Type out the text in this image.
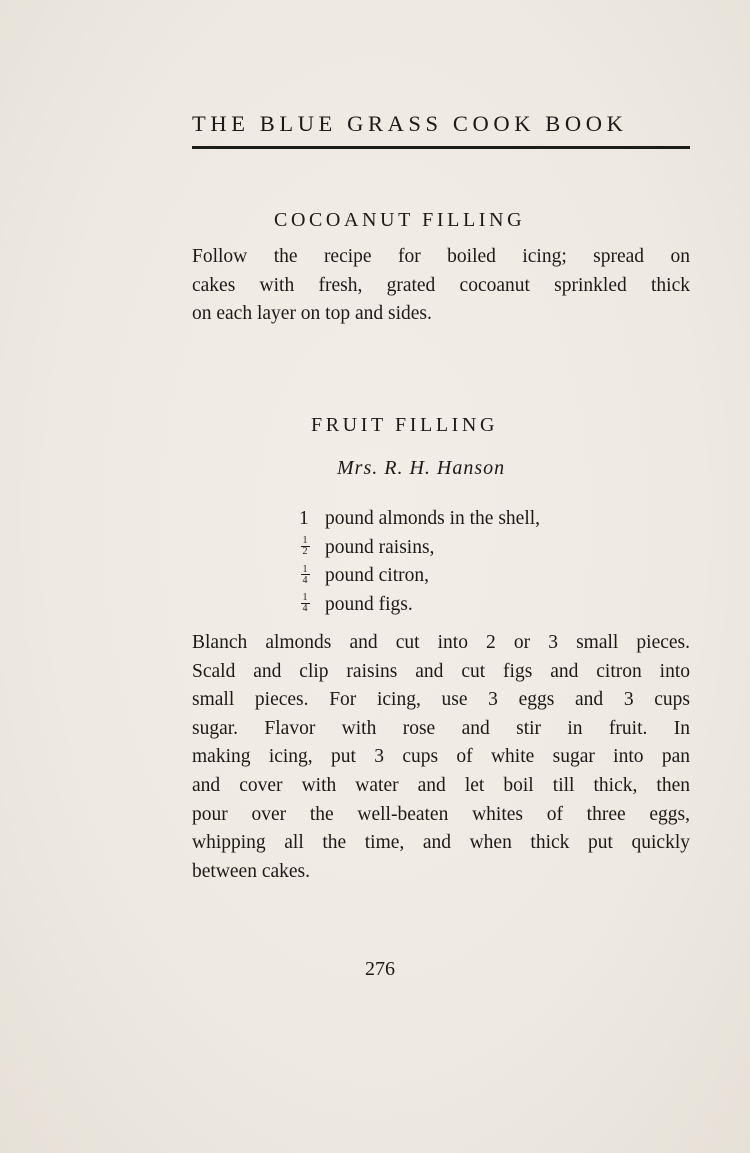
THE BLUE GRASS COOK BOOK
COCOANUT FILLING
Follow the recipe for boiled icing; spread on
cakes with fresh, grated cocoanut sprinkled thick
on each layer on top and sides.
FRUIT FILLING
Mrs. R. H. Hanson
1 pound almonds in the shell,
$\frac{1}{2}$ pound raisins,
$\frac{1}{4}$ pound citron,
$\frac{1}{4}$ pound figs.
Blanch almonds and cut into 2 or 3 small pieces.
Scald and clip raisins and cut figs and citron into
small pieces. For icing, use 3 eggs and 3 cups
sugar. Flavor with rose and stir in fruit. In
making icing, put 3 cups of white sugar into pan
and cover with water and let boil till thick, then
pour over the well-beaten whites of three eggs,
whipping all the time, and when thick put quickly
between cakes.
276
